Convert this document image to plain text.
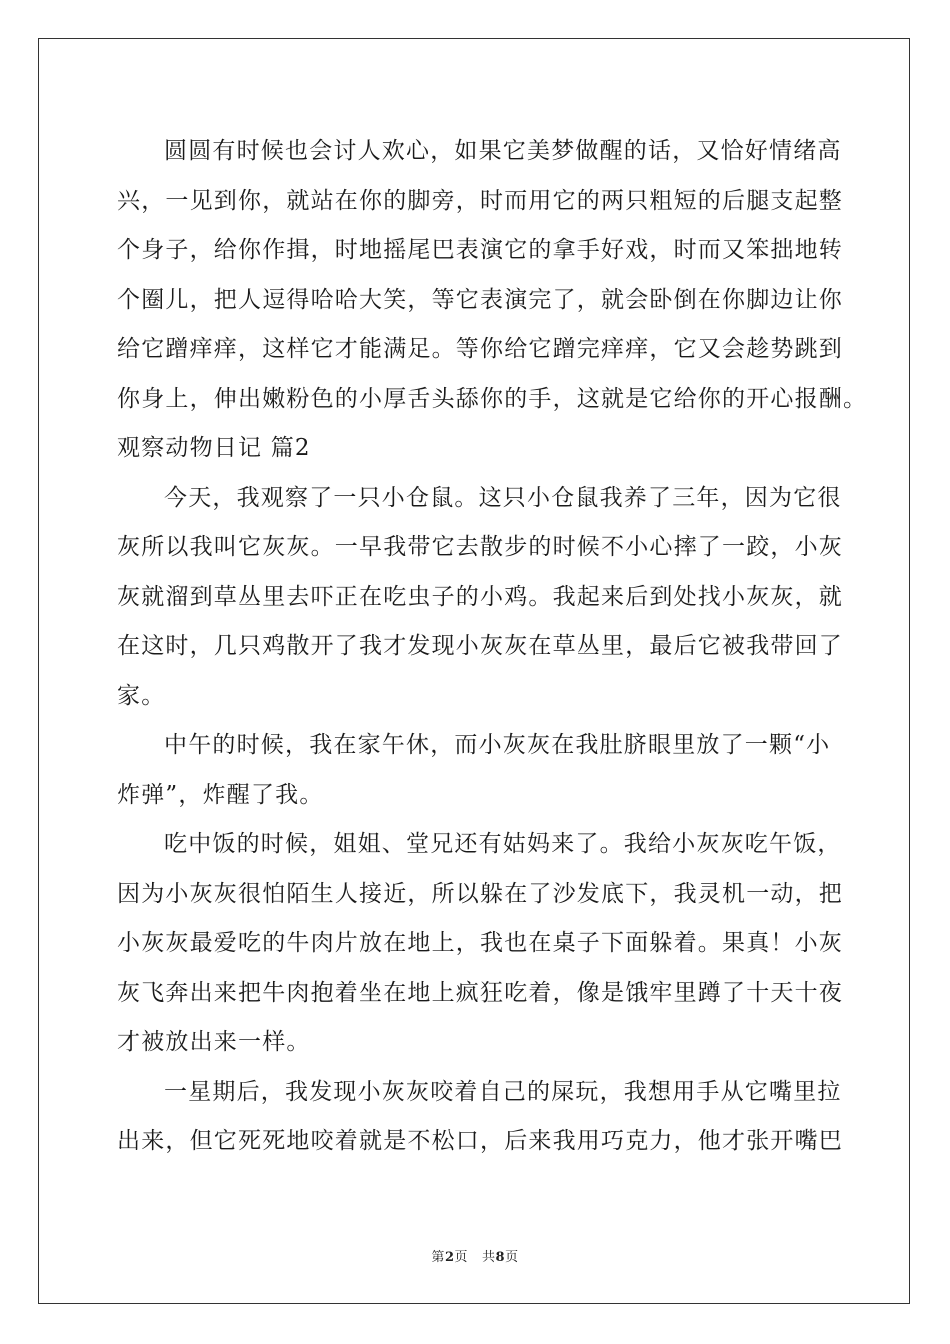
圆圆有时候也会讨人欢心，如果它美梦做醒的话，又恰好情绪高
兴，一见到你，就站在你的脚旁，时而用它的两只粗短的后腿支起整
个身子，给你作揖，时地摇尾巴表演它的拿手好戏，时而又笨拙地转
个圈儿，把人逗得哈哈大笑，等它表演完了，就会卧倒在你脚边让你
给它蹭痒痒，这样它才能满足。等你给它蹭完痒痒，它又会趁势跳到
你身上，伸出嫩粉色的小厚舌头舔你的手，这就是它给你的开心报酬。
观察动物日记 篇2
今天，我观察了一只小仓鼠。这只小仓鼠我养了三年，因为它很
灰所以我叫它灰灰。一早我带它去散步的时候不小心摔了一跤，小灰
灰就溜到草丛里去吓正在吃虫子的小鸡。我起来后到处找小灰灰，就
在这时，几只鸡散开了我才发现小灰灰在草丛里，最后它被我带回了
家。
中午的时候，我在家午休，而小灰灰在我肚脐眼里放了一颗“小
炸弹”，炸醒了我。
吃中饭的时候，姐姐、堂兄还有姑妈来了。我给小灰灰吃午饭，
因为小灰灰很怕陌生人接近，所以躲在了沙发底下，我灵机一动，把
小灰灰最爱吃的牛肉片放在地上，我也在桌子下面躲着。果真！小灰
灰飞奔出来把牛肉抱着坐在地上疯狂吃着，像是饿牢里蹲了十天十夜
才被放出来一样。
一星期后，我发现小灰灰咬着自己的屎玩，我想用手从它嘴里拉
出来，但它死死地咬着就是不松口，后来我用巧克力，他才张开嘴巴
第2页 共8页
